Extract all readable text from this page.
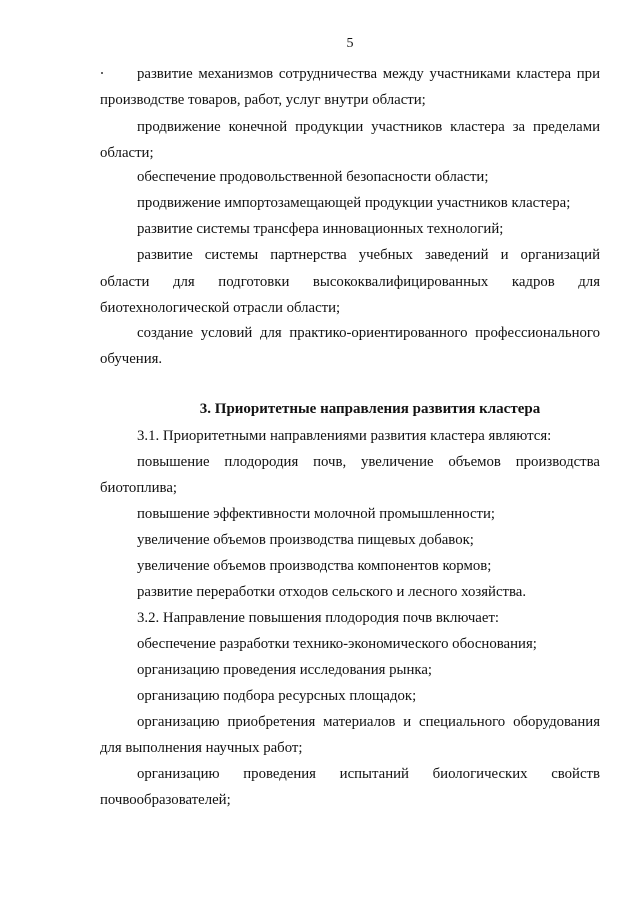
5
развитие механизмов сотрудничества между участниками кластера при
производстве товаров, работ, услуг внутри области;
продвижение конечной продукции участников кластера за пределами
области;
обеспечение продовольственной безопасности области;
продвижение импортозамещающей продукции участников кластера;
развитие системы трансфера инновационных технологий;
развитие системы партнерства учебных заведений и организаций
области для подготовки высококвалифицированных кадров для
биотехнологической отрасли области;
создание условий для практико-ориентированного профессионального
обучения.
3. Приоритетные направления развития кластера
3.1. Приоритетными направлениями развития кластера являются:
повышение плодородия почв, увеличение объемов производства
биотоплива;
повышение эффективности молочной промышленности;
увеличение объемов производства пищевых добавок;
увеличение объемов производства компонентов кормов;
развитие переработки отходов сельского и лесного хозяйства.
3.2. Направление повышения плодородия почв включает:
обеспечение разработки технико-экономического обоснования;
организацию проведения исследования рынка;
организацию подбора ресурсных площадок;
организацию приобретения материалов и специального оборудования
для выполнения научных работ;
организацию проведения испытаний биологических свойств
почвообразователей;
